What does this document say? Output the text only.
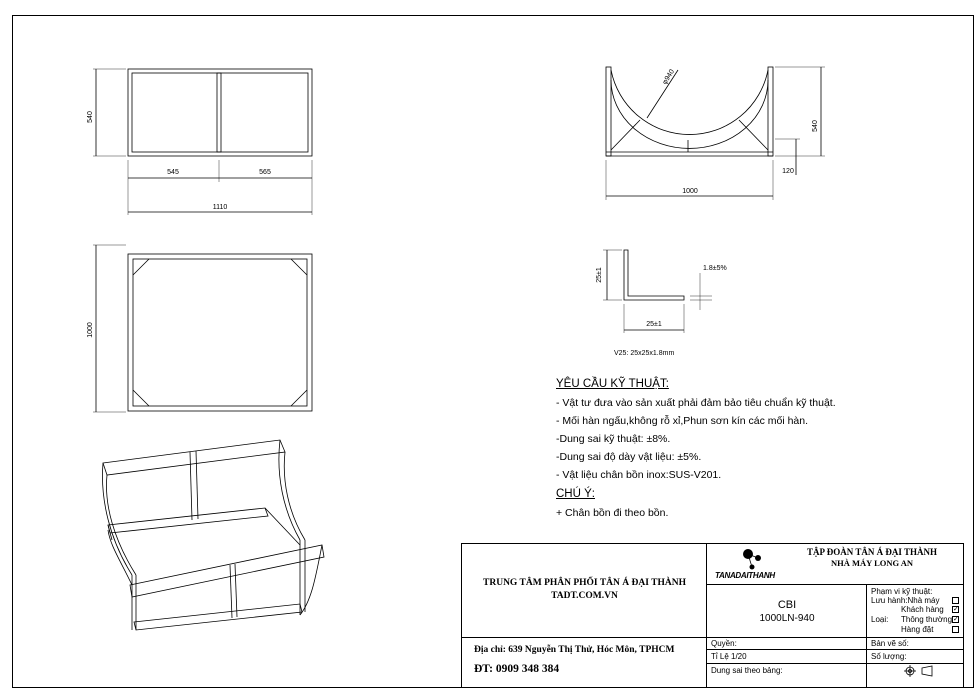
540
545	565
1110
1000
φ940
540
1000
120
25±1
25±1
1.8±5%
V25: 25x25x1.8mm
YÊU CẦU KỸ THUẬT:
- Vật tư đưa vào sản xuất phải đảm bảo tiêu chuẩn kỹ thuật.
- Mối hàn ngấu,không rỗ xỉ,Phun sơn kín các mối hàn.
-Dung sai kỹ thuật: ±8%.
-Dung sai độ dày vật liệu: ±5%.
- Vật liệu chân bồn inox:SUS-V201.
CHÚ Ý:
+ Chân bồn đi theo bồn.
TRUNG TÂM PHÂN PHỐI TÂN Á ĐẠI THÀNH
TADT.COM.VN
Địa chỉ: 639 Nguyễn Thị Thử, Hóc Môn, TPHCM
ĐT: 0909 348 384
TANADAITHANH
TẬP ĐOÀN TÂN Á ĐẠI THÀNH
NHÀ MÁY LONG AN
CBI
1000LN-940
Phạm vi kỹ thuật:
Lưu hành:Nhà máy
Khách hàng ✓
Loại: Thông thường ✓
Hàng đặt
Quyền:
Tỉ Lệ 1/20
Dung sai theo bảng:
Bản vẽ số:
Số lượng:
